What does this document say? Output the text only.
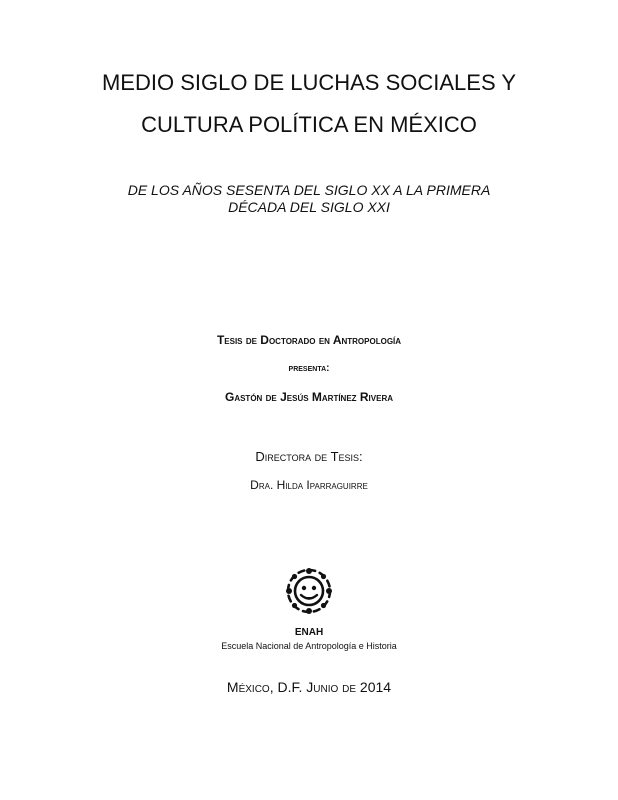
MEDIO SIGLO DE LUCHAS SOCIALES Y
CULTURA POLÍTICA EN MÉXICO
DE LOS AÑOS SESENTA DEL SIGLO XX A LA PRIMERA
DÉCADA DEL SIGLO XXI
Tesis de Doctorado en Antropología
presenta:
Gastón de Jesús Martínez Rivera
Directora de Tesis:
Dra. Hilda Iparraguirre
ENAH
Escuela Nacional de Antropología e Historia
México, D.F. Junio de 2014
